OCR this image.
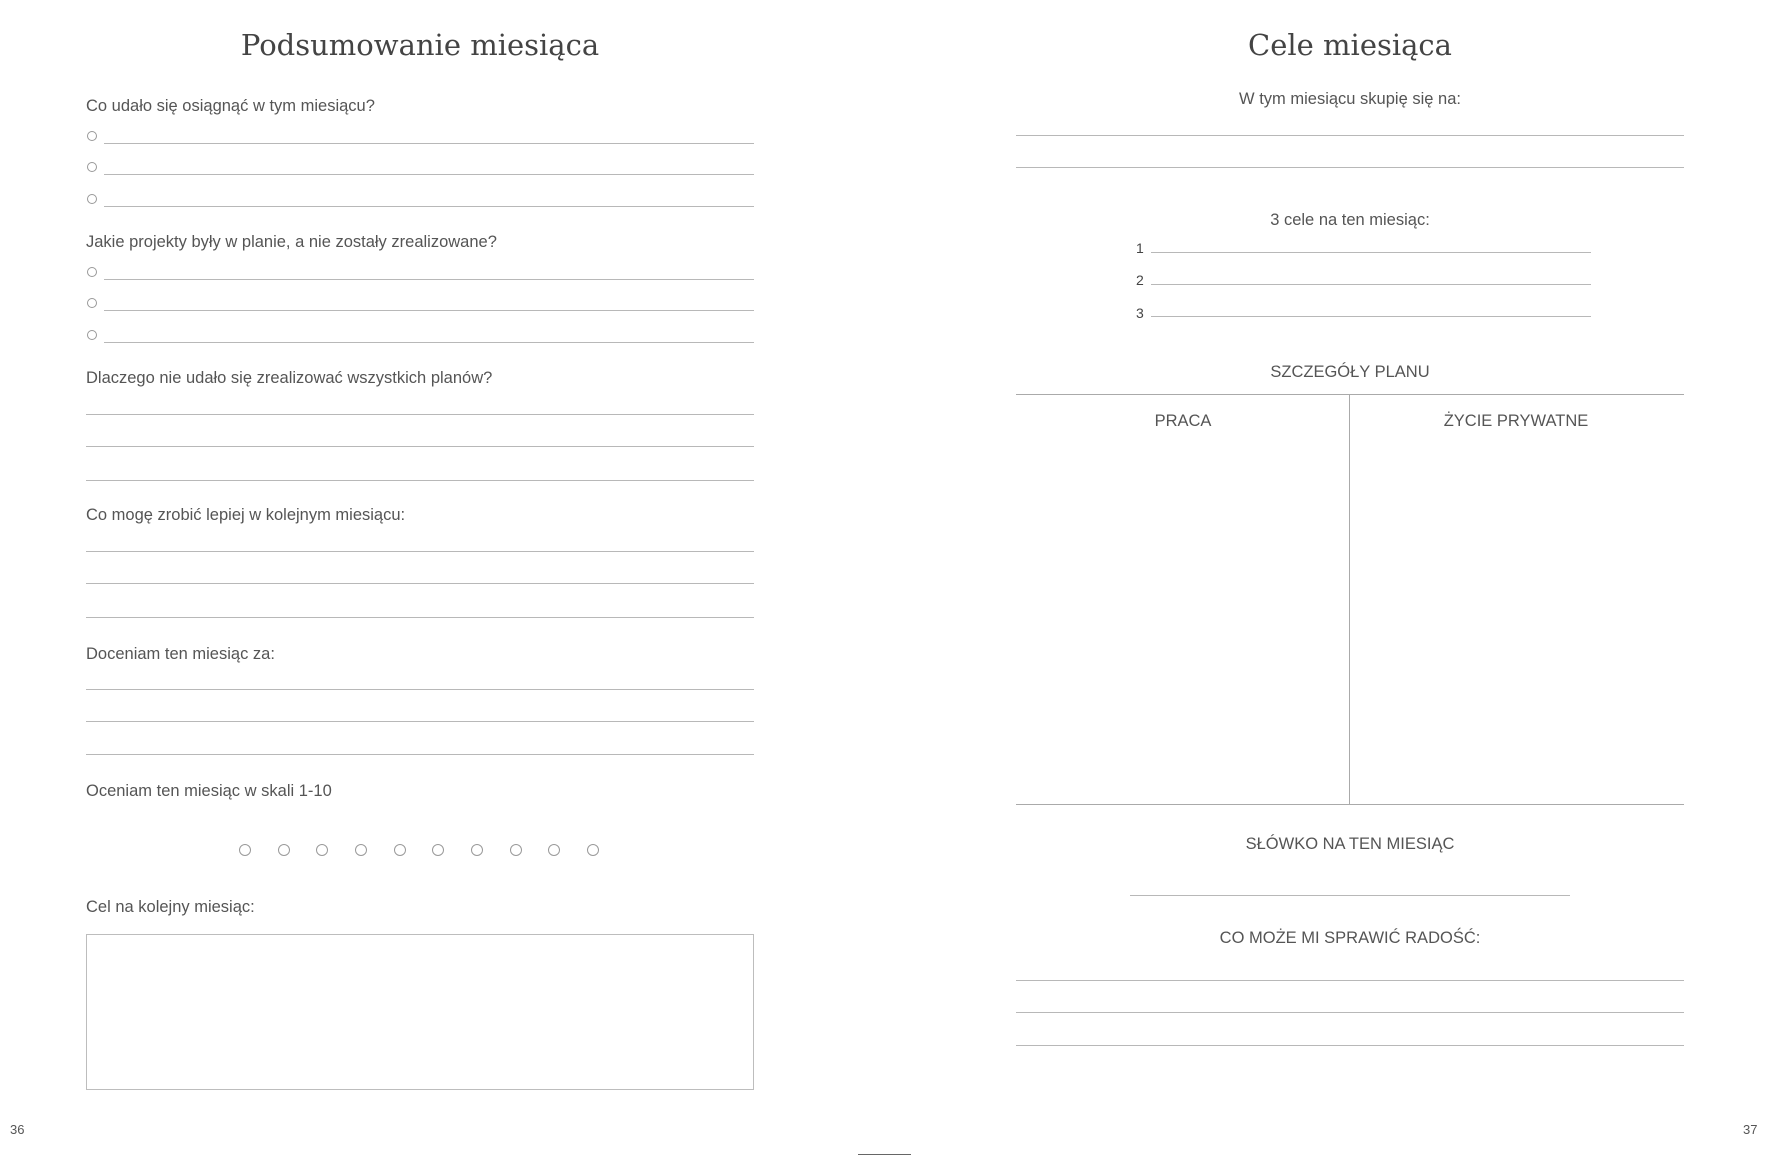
Podsumowanie miesiąca
Co udało się osiągnąć w tym miesiącu?
Jakie projekty były w planie, a nie zostały zrealizowane?
Dlaczego nie udało się zrealizować wszystkich planów?
Co mogę zrobić lepiej w kolejnym miesiącu:
Doceniam ten miesiąc za:
Oceniam ten miesiąc w skali 1-10
Cel na kolejny miesiąc:
36
Cele miesiąca
W tym miesiącu skupię się na:
3 cele na ten miesiąc:
1
2
3
SZCZEGÓŁY PLANU
PRACA	ŻYCIE PRYWATNE
SŁÓWKO NA TEN MIESIĄC
CO MOŻE MI SPRAWIĆ RADOŚĆ:
37
